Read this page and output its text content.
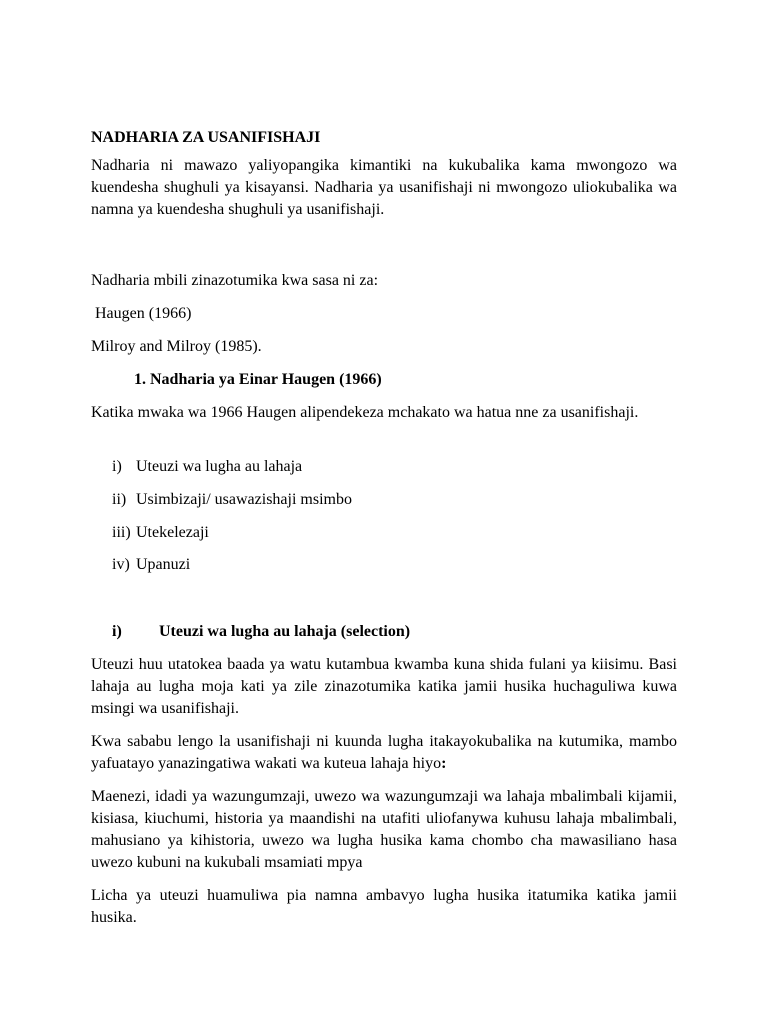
NADHARIA ZA USANIFISHAJI
Nadharia ni mawazo yaliyopangika kimantiki na kukubalika kama mwongozo wa kuendesha shughuli ya kisayansi. Nadharia ya usanifishaji ni mwongozo uliokubalika wa namna ya kuendesha shughuli ya usanifishaji.
Nadharia mbili zinazotumika kwa sasa ni za:
Haugen (1966)
Milroy and Milroy (1985).
1. Nadharia ya Einar Haugen (1966)
Katika mwaka wa 1966 Haugen alipendekeza mchakato wa hatua nne za usanifishaji.
i) Uteuzi wa lugha au lahaja
ii) Usimbizaji/ usawazishaji msimbo
iii) Utekelezaji
iv) Upanuzi
i) Uteuzi wa lugha au lahaja (selection)
Uteuzi huu utatokea baada ya watu kutambua kwamba kuna shida fulani ya kiisimu. Basi lahaja au lugha moja kati ya zile zinazotumika katika jamii husika huchaguliwa kuwa msingi wa usanifishaji.
Kwa sababu lengo la usanifishaji ni kuunda lugha itakayokubalika na kutumika, mambo yafuatayo yanazingatiwa wakati wa kuteua lahaja hiyo:
Maenezi, idadi ya wazungumzaji, uwezo wa wazungumzaji wa lahaja mbalimbali kijamii, kisiasa, kiuchumi, historia ya maandishi na utafiti uliofanywa kuhusu lahaja mbalimbali, mahusiano ya kihistoria, uwezo wa lugha husika kama chombo cha mawasiliano hasa uwezo kubuni na kukubali msamiati mpya
Licha ya uteuzi huamuliwa pia namna ambavyo lugha husika itatumika katika jamii husika.
